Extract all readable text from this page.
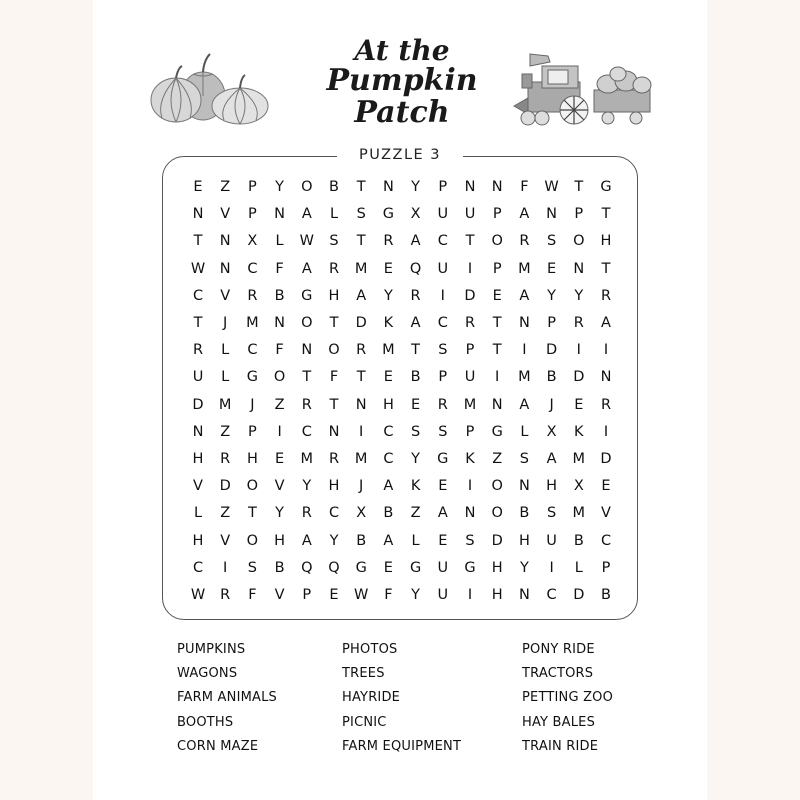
At the
Pumpkin Patch
PUZZLE 3
E	Z	P	Y	O	B	T	N	Y	P	N	N	F	W	T	G
N	V	P	N	A	L	S	G	X	U	U	P	A	N	P	T
T	N	X	L	W	S	T	R	A	C	T	O	R	S	O	H
W	N	C	F	A	R	M	E	Q	U	I	P	M	E	N	T
C	V	R	B	G	H	A	Y	R	I	D	E	A	Y	Y	R
T	J	M	N	O	T	D	K	A	C	R	T	N	P	R	A
R	L	C	F	N	O	R	M	T	S	P	T	I	D	I	I
U	L	G	O	T	F	T	E	B	P	U	I	M	B	D	N
D	M	J	Z	R	T	N	H	E	R	M	N	A	J	E	R
N	Z	P	I	C	N	I	C	S	S	P	G	L	X	K	I
H	R	H	E	M	R	M	C	Y	G	K	Z	S	A	M	D
V	D	O	V	Y	H	J	A	K	E	I	O	N	H	X	E
L	Z	T	Y	R	C	X	B	Z	A	N	O	B	S	M	V
H	V	O	H	A	Y	B	A	L	E	S	D	H	U	B	C
C	I	S	B	Q	Q	G	E	G	U	G	H	Y	I	L	P
W	R	F	V	P	E	W	F	Y	U	I	H	N	C	D	B
PUMPKINS
WAGONS
FARM ANIMALS
BOOTHS
CORN MAZE
PHOTOS
TREES
HAYRIDE
PICNIC
FARM EQUIPMENT
PONY RIDE
TRACTORS
PETTING ZOO
HAY BALES
TRAIN RIDE
